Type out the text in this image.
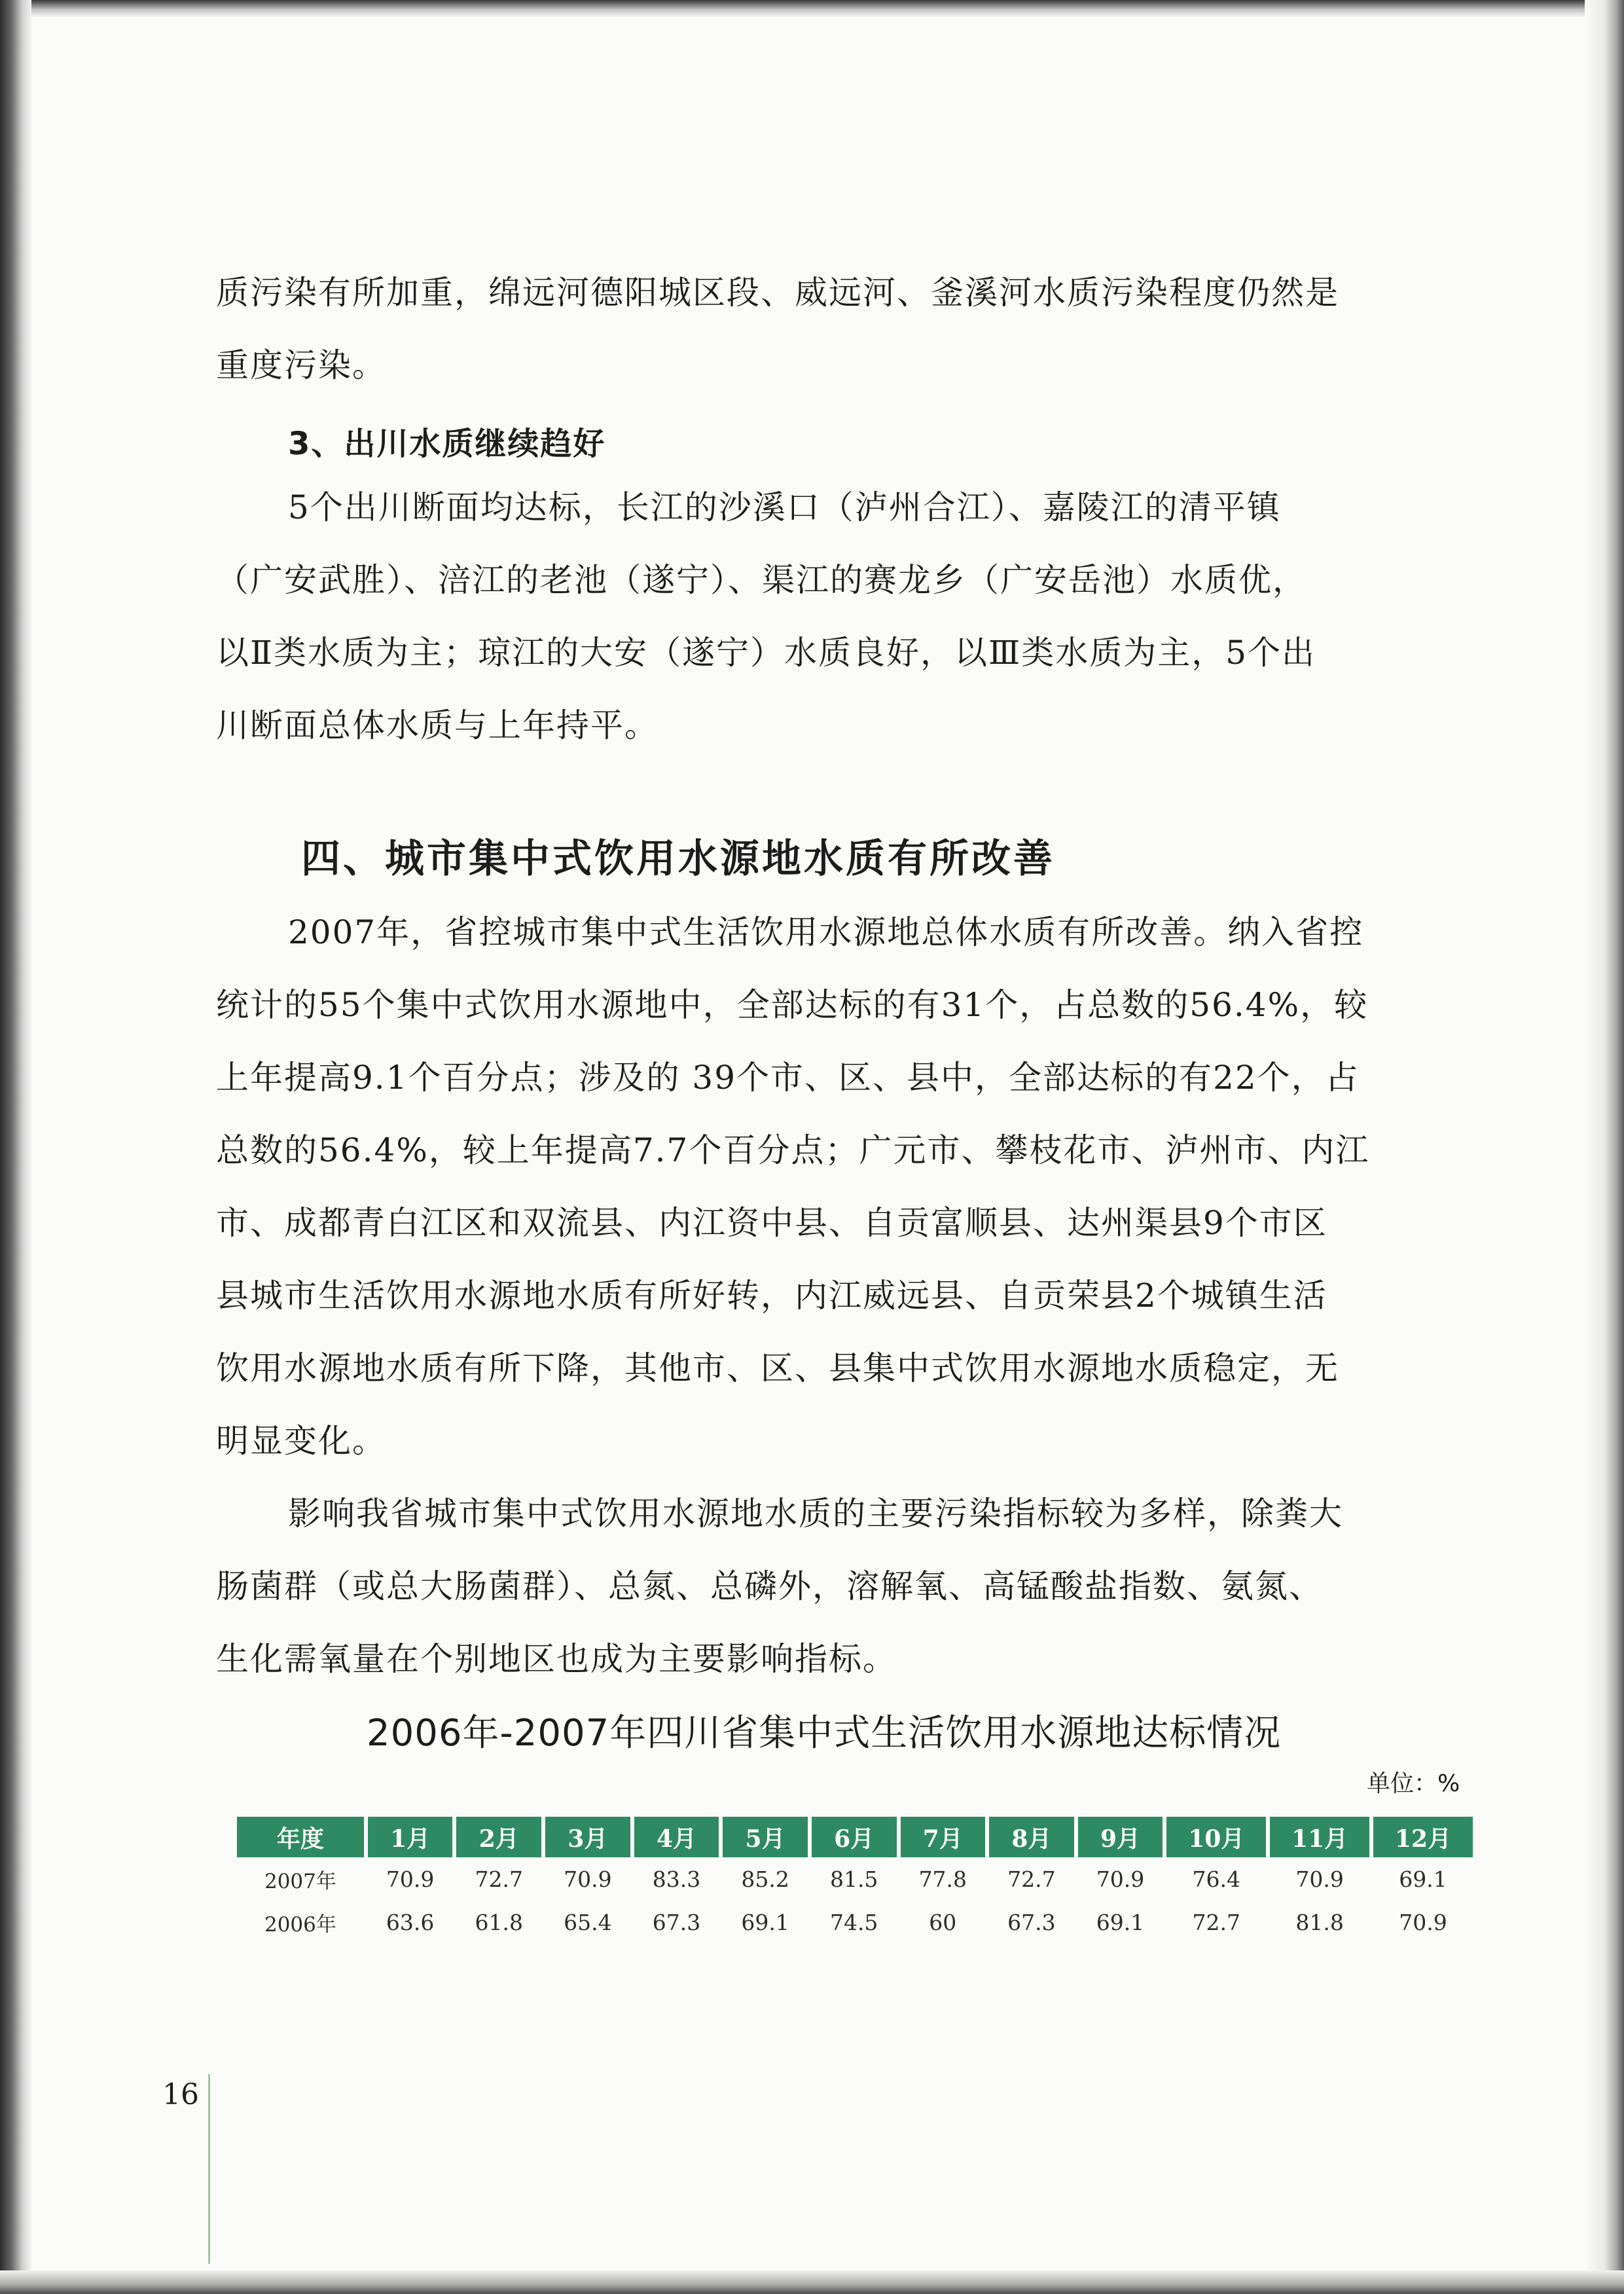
质污染有所加重，绵远河德阳城区段、威远河、釜溪河水质污染程度仍然是

重度污染。

3、出川水质继续趋好

5个出川断面均达标，长江的沙溪口（泸州合江）、嘉陵江的清平镇

（广安武胜）、涪江的老池（遂宁）、渠江的赛龙乡（广安岳池）水质优，

以Ⅱ类水质为主；琼江的大安（遂宁）水质良好，以Ⅲ类水质为主，5个出

川断面总体水质与上年持平。

四、城市集中式饮用水源地水质有所改善

2007年，省控城市集中式生活饮用水源地总体水质有所改善。纳入省控

统计的55个集中式饮用水源地中，全部达标的有31个，占总数的56.4%，较

上年提高9.1个百分点；涉及的 39个市、区、县中，全部达标的有22个，占

总数的56.4%，较上年提高7.7个百分点；广元市、攀枝花市、泸州市、内江

市、成都青白江区和双流县、内江资中县、自贡富顺县、达州渠县9个市区

县城市生活饮用水源地水质有所好转，内江威远县、自贡荣县2个城镇生活

饮用水源地水质有所下降，其他市、区、县集中式饮用水源地水质稳定，无

明显变化。

影响我省城市集中式饮用水源地水质的主要污染指标较为多样，除粪大

肠菌群（或总大肠菌群）、总氮、总磷外，溶解氧、高锰酸盐指数、氨氮、

生化需氧量在个别地区也成为主要影响指标。

2006年-2007年四川省集中式生活饮用水源地达标情况
单位：%
年度	1月	2月	3月	4月	5月	6月	7月	8月	9月	10月	11月	12月
2007年	70.9	72.7	70.9	83.3	85.2	81.5	77.8	72.7	70.9	76.4	70.9	69.1
2006年	63.6	61.8	65.4	67.3	69.1	74.5	60	67.3	69.1	72.7	81.8	70.9
16
